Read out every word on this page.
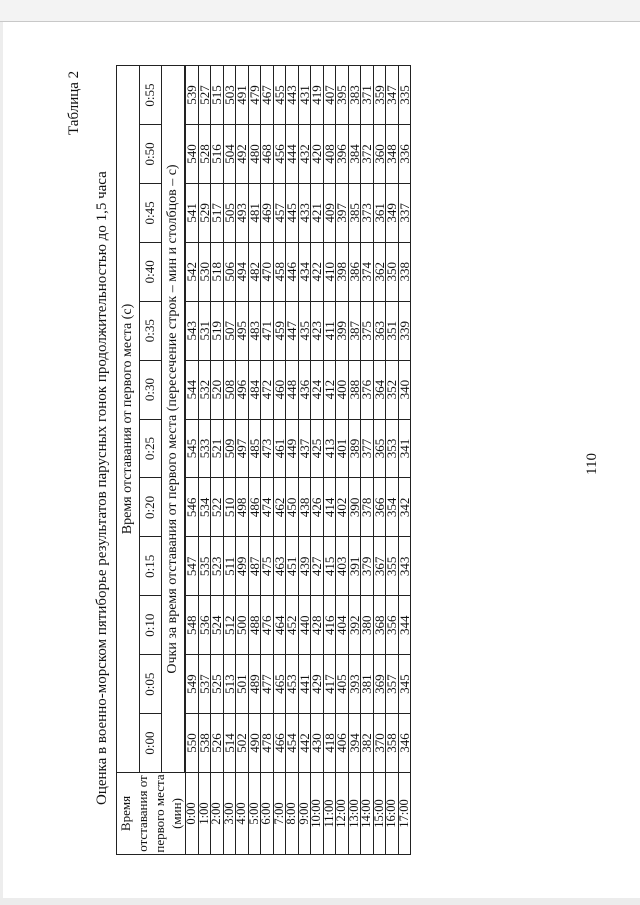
110
Таблица 2
Оценка в военно-морском пятиборье результатов парусных гонок продолжительностью до 1,5 часа
Время отставания от первого места (мин)	Время отставания от первого места (с)											
	0:00	0:05	0:10	0:15	0:20	0:25	0:30	0:35	0:40	0:45	0:50	0:55
	Очки за время отставания от первого места (пересечение строк – мин и столбцов – с)											

0:00	550	549	548	547	546	545	544	543	542	541	540	539
1:00	538	537	536	535	534	533	532	531	530	529	528	527
2:00	526	525	524	523	522	521	520	519	518	517	516	515
3:00	514	513	512	511	510	509	508	507	506	505	504	503
4:00	502	501	500	499	498	497	496	495	494	493	492	491
5:00	490	489	488	487	486	485	484	483	482	481	480	479
6:00	478	477	476	475	474	473	472	471	470	469	468	467
7:00	466	465	464	463	462	461	460	459	458	457	456	455
8:00	454	453	452	451	450	449	448	447	446	445	444	443
9:00	442	441	440	439	438	437	436	435	434	433	432	431
10:00	430	429	428	427	426	425	424	423	422	421	420	419
11:00	418	417	416	415	414	413	412	411	410	409	408	407
12:00	406	405	404	403	402	401	400	399	398	397	396	395
13:00	394	393	392	391	390	389	388	387	386	385	384	383
14:00	382	381	380	379	378	377	376	375	374	373	372	371
15:00	370	369	368	367	366	365	364	363	362	361	360	359
16:00	358	357	356	355	354	353	352	351	350	349	348	347
17:00	346	345	344	343	342	341	340	339	338	337	336	335
